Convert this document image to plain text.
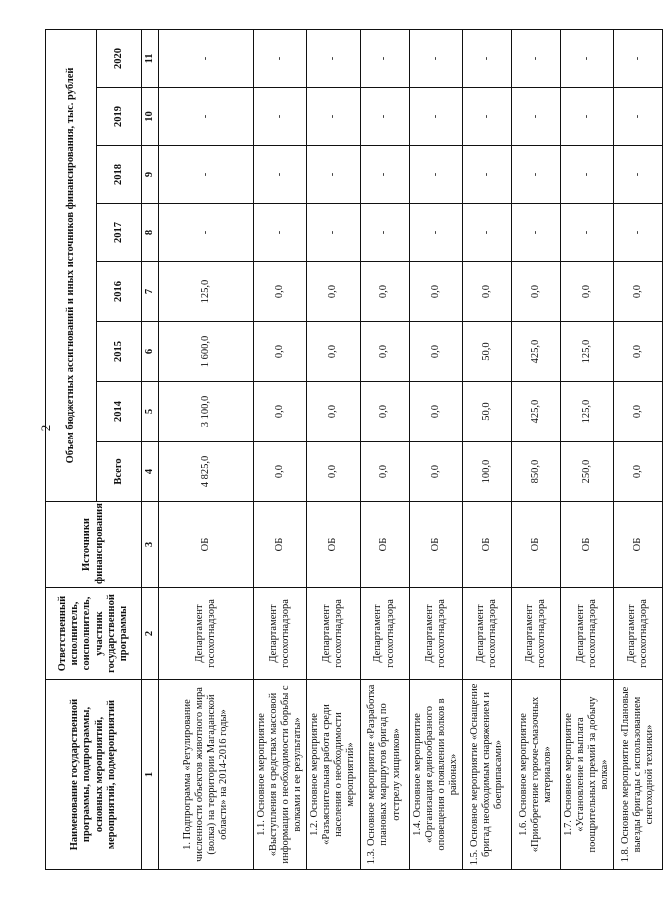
2
Наименование государственной программы, подпрограммы, основных мероприятий, мероприятий, подмероприятий	Ответственный исполнитель, соисполнитель, участник государственной программы	Источники финансирования	Объем бюджетных ассигнований и иных источников финансирования, тыс. рублей							
			Всего	2014	2015	2016	2017	2018	2019	2020
1	2	3	4	5	6	7	8	9	10	11
1. Подпрограмма «Регулирование численности объектов животного мира (волка) на территории Магаданской области» на 2014-2016 годы»	Департамент госохотнадзора	ОБ	4 825,0	3 100,0	1 600,0	125,0	-	-	-	-
1.1. Основное мероприятие «Выступления в средствах массовой информации о необходимости борьбы с волками и ее результаты»	Департамент госохотнадзора	ОБ	0,0	0,0	0,0	0,0	-	-	-	-
1.2. Основное мероприятие «Разъяснительная работа среди населения о необходимости мероприятий»	Департамент госохотнадзора	ОБ	0,0	0,0	0,0	0,0	-	-	-	-
1.3. Основное мероприятие «Разработка плановых маршрутов бригад по отстрелу хищников»	Департамент госохотнадзора	ОБ	0,0	0,0	0,0	0,0	-	-	-	-
1.4. Основное мероприятие «Организация единообразного оповещения о появлении волков в районах»	Департамент госохотнадзора	ОБ	0,0	0,0	0,0	0,0	-	-	-	-
1.5. Основное мероприятие «Оснащение бригад необходимым снаряжением и боеприпасами»	Департамент госохотнадзора	ОБ	100,0	50,0	50,0	0,0	-	-	-	-
1.6. Основное мероприятие «Приобретение горюче-смазочных материалов»	Департамент госохотнадзора	ОБ	850,0	425,0	425,0	0,0	-	-	-	-
1.7. Основное мероприятие «Установление и выплата поощрительных премий за добычу волка»	Департамент госохотнадзора	ОБ	250,0	125,0	125,0	0,0	-	-	-	-
1.8. Основное мероприятие «Плановые выезды бригады с использованием снегоходной техники»	Департамент госохотнадзора	ОБ	0,0	0,0	0,0	0,0	-	-	-	-
